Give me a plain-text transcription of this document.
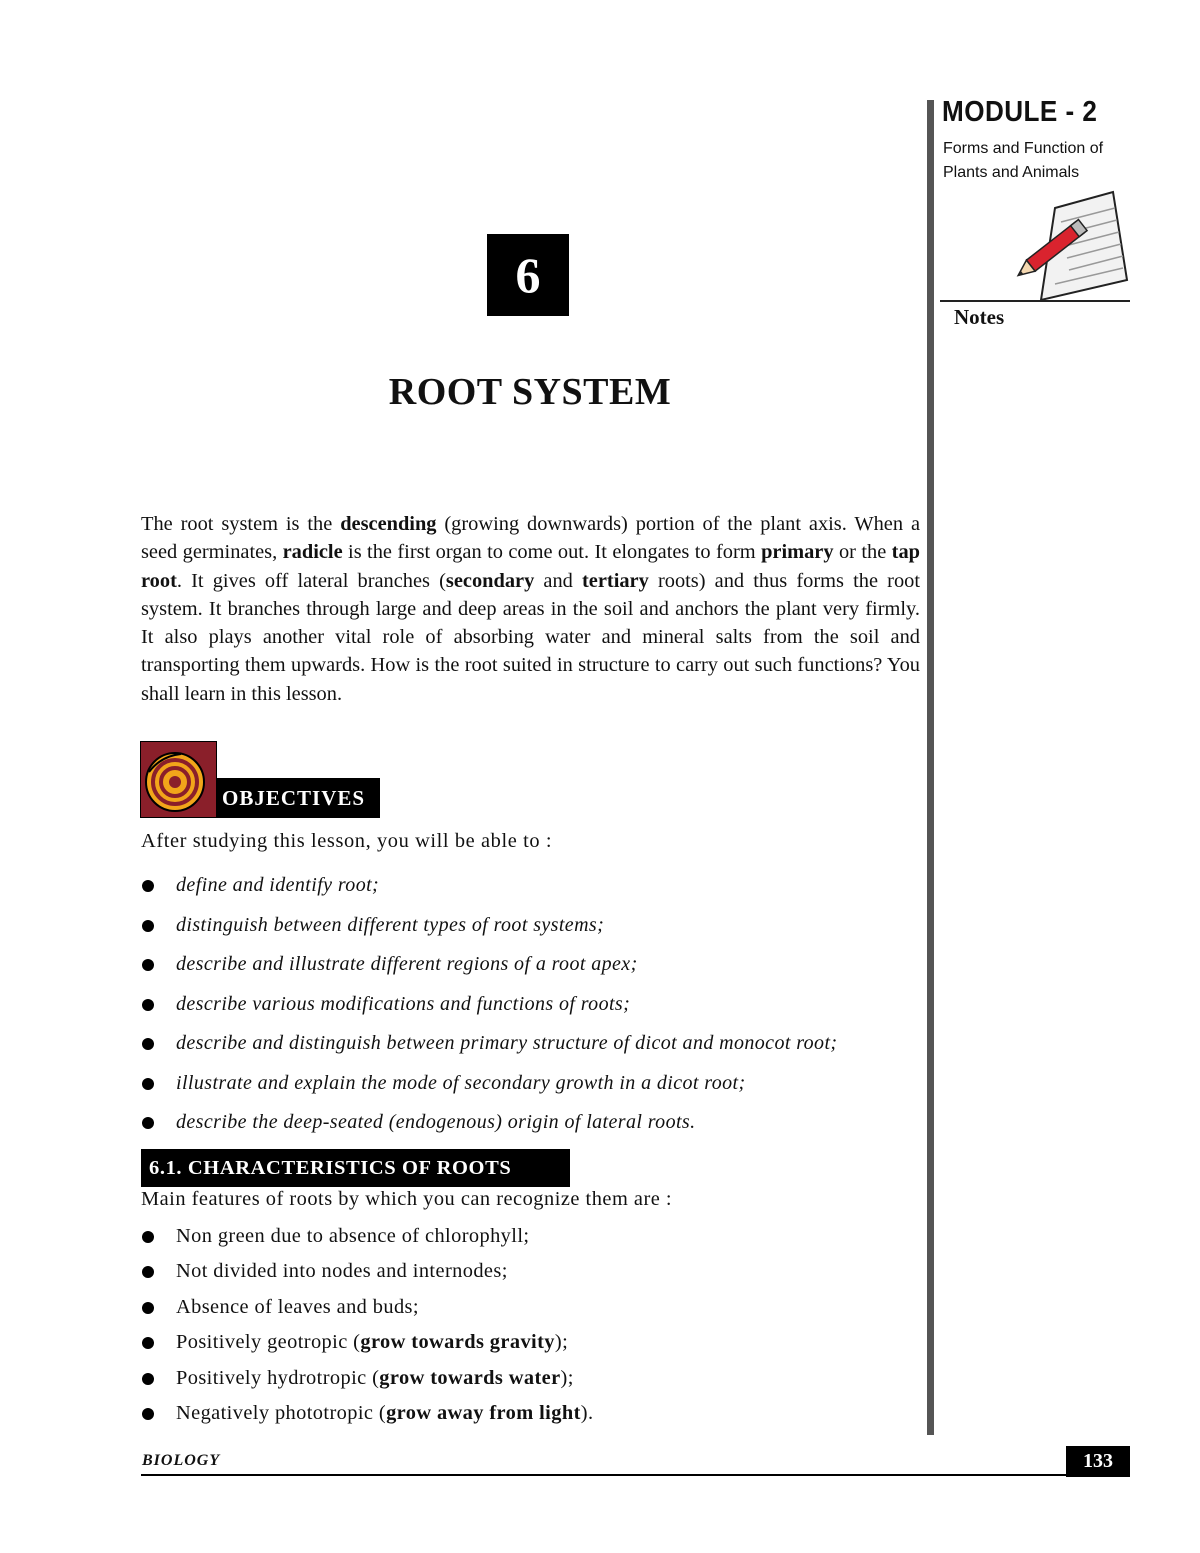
MODULE - 2
Forms and Function of Plants and Animals
Notes
6
ROOT SYSTEM
The root system is the descending (growing downwards) portion of the plant axis. When a seed germinates, radicle is the first organ to come out. It elongates to form primary or the tap root. It gives off lateral branches (secondary and tertiary roots) and thus forms the root system. It branches through large and deep areas in the soil and anchors the plant very firmly. It also plays another vital role of absorbing water and mineral salts from the soil and transporting them upwards. How is the root suited in structure to carry out such functions? You shall learn in this lesson.
OBJECTIVES
After studying this lesson, you will be able to :
define and identify root;
distinguish between different types of root systems;
describe and illustrate different regions of a root apex;
describe various modifications and functions of roots;
describe and distinguish between primary structure of dicot and monocot root;
illustrate and explain the mode of secondary growth in a dicot root;
describe the deep-seated (endogenous) origin of lateral roots.
6.1. CHARACTERISTICS OF ROOTS
Main features of roots by which you can recognize them are :
Non green due to absence of chlorophyll;
Not divided into nodes and internodes;
Absence of leaves and buds;
Positively geotropic (grow towards gravity);
Positively hydrotropic (grow towards water);
Negatively phototropic (grow away from light).
BIOLOGY	133
